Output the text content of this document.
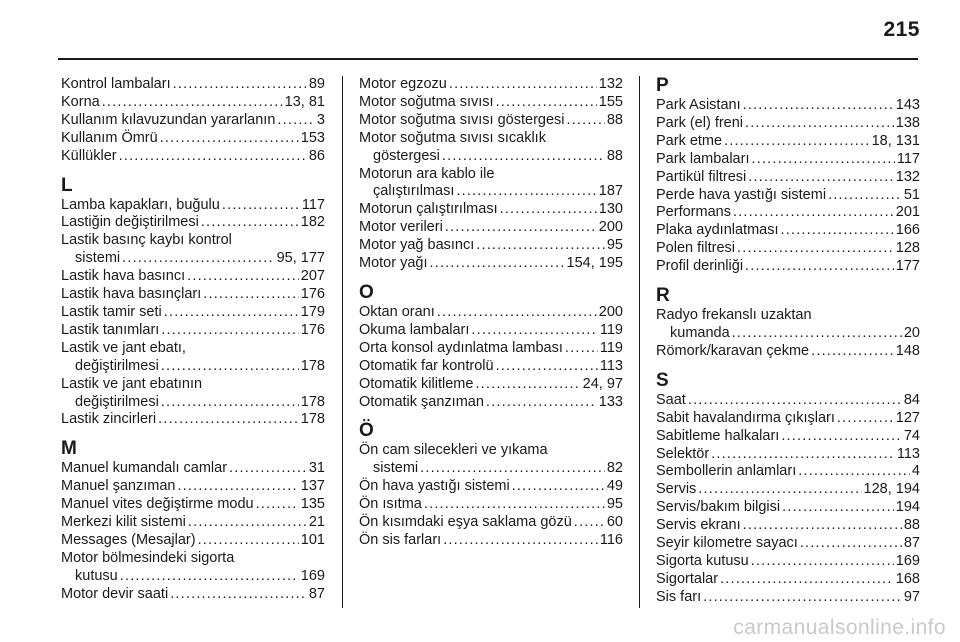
215
Kontrol lambaları .....	89
Korna .....	13, 81
Kullanım kılavuzundan yararlanın .....	3
Kullanım Ömrü .....	153
Küllükler .....	86
L
Lamba kapakları, buğulu .....	117
Lastiğin değiştirilmesi .....	182
Lastik basınç kaybı kontrol
sistemi .....	95, 177
Lastik hava basıncı .....	207
Lastik hava basınçları .....	176
Lastik tamir seti .....	179
Lastik tanımları .....	176
Lastik ve jant ebatı,
değiştirilmesi .....	178
Lastik ve jant ebatının
değiştirilmesi .....	178
Lastik zincirleri .....	178
M
Manuel kumandalı camlar .....	31
Manuel şanzıman .....	137
Manuel vites değiştirme modu .....	135
Merkezi kilit sistemi .....	21
Messages (Mesajlar) .....	101
Motor bölmesindeki sigorta
kutusu .....	169
Motor devir saati .....	87
Motor egzozu .....	132
Motor soğutma sıvısı .....	155
Motor soğutma sıvısı göstergesi .....	88
Motor soğutma sıvısı sıcaklık
göstergesi .....	88
Motorun ara kablo ile
çalıştırılması .....	187
Motorun çalıştırılması .....	130
Motor verileri .....	200
Motor yağ basıncı .....	95
Motor yağı .....	154, 195
O
Oktan oranı .....	200
Okuma lambaları .....	119
Orta konsol aydınlatma lambası .....	119
Otomatik far kontrolü .....	113
Otomatik kilitleme .....	24, 97
Otomatik şanzıman .....	133
Ö
Ön cam silecekleri ve yıkama
sistemi .....	82
Ön hava yastığı sistemi .....	49
Ön ısıtma .....	95
Ön kısımdaki eşya saklama gözü ..... 60
Ön sis farları .....	116
P
Park Asistanı .....	143
Park (el) freni .....	138
Park etme .....	18, 131
Park lambaları .....	117
Partikül filtresi .....	132
Perde hava yastığı sistemi .....	51
Performans .....	201
Plaka aydınlatması .....	166
Polen filtresi .....	128
Profil derinliği .....	177
R
Radyo frekanslı uzaktan
kumanda .....	20
Römork/karavan çekme .....	148
S
Saat .....	84
Sabit havalandırma çıkışları .....	127
Sabitleme halkaları .....	74
Selektör .....	113
Sembollerin anlamları .....	4
Servis .....	128, 194
Servis/bakım bilgisi .....	194
Servis ekranı .....	88
Seyir kilometre sayacı .....	87
Sigorta kutusu .....	169
Sigortalar .....	168
Sis farı .....	97
carmanualsonline.info
